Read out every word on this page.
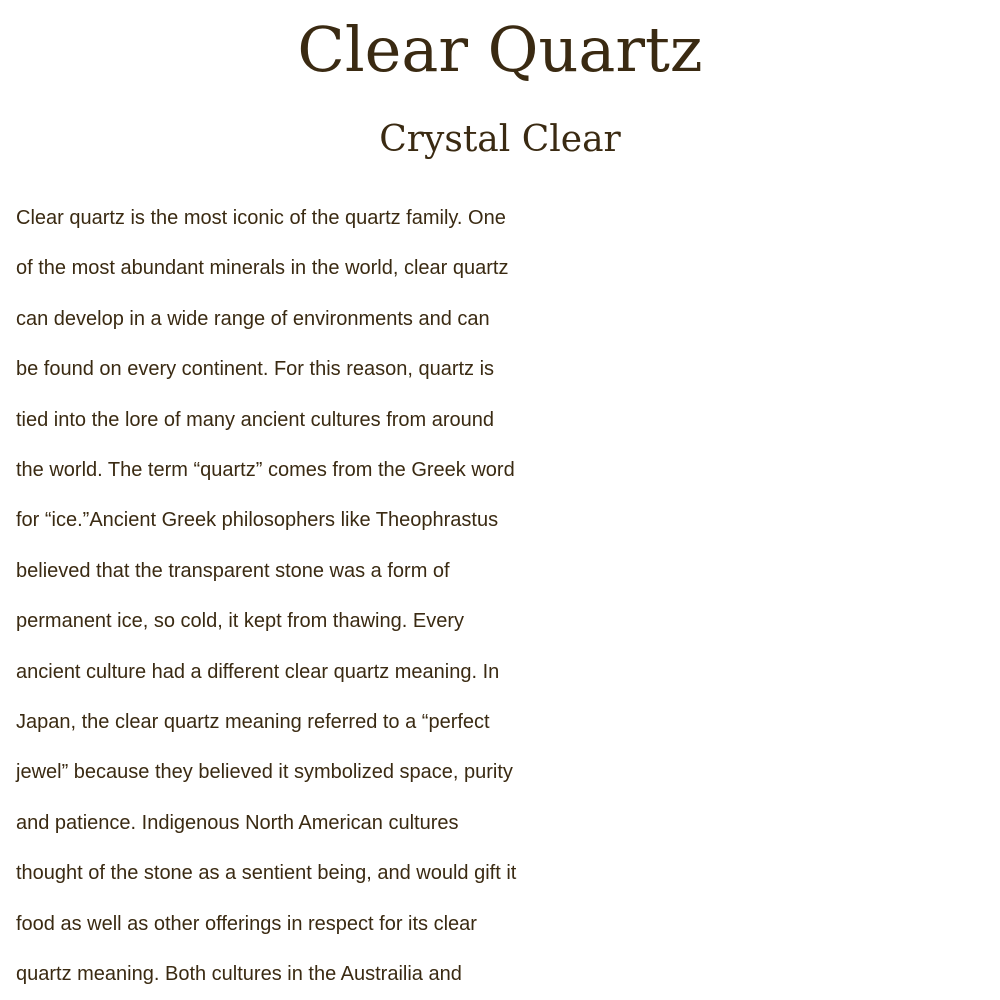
Clear Quartz
Crystal Clear

Clear quartz is the most iconic of the quartz family. One
of the most abundant minerals in the world, clear quartz
can develop in a wide range of environments and can
be found on every continent. For this reason, quartz is
tied into the lore of many ancient cultures from around
the world. The term “quartz” comes from the Greek word
for “ice.”Ancient Greek philosophers like Theophrastus
believed that the transparent stone was a form of
permanent ice, so cold, it kept from thawing. Every
ancient culture had a different clear quartz meaning. In
Japan, the clear quartz meaning referred to a “perfect
jewel” because they believed it symbolized space, purity
and patience. Indigenous North American cultures
thought of the stone as a sentient being, and would gift it
food as well as other offerings in respect for its clear
quartz meaning. Both cultures in the Austrailia and
